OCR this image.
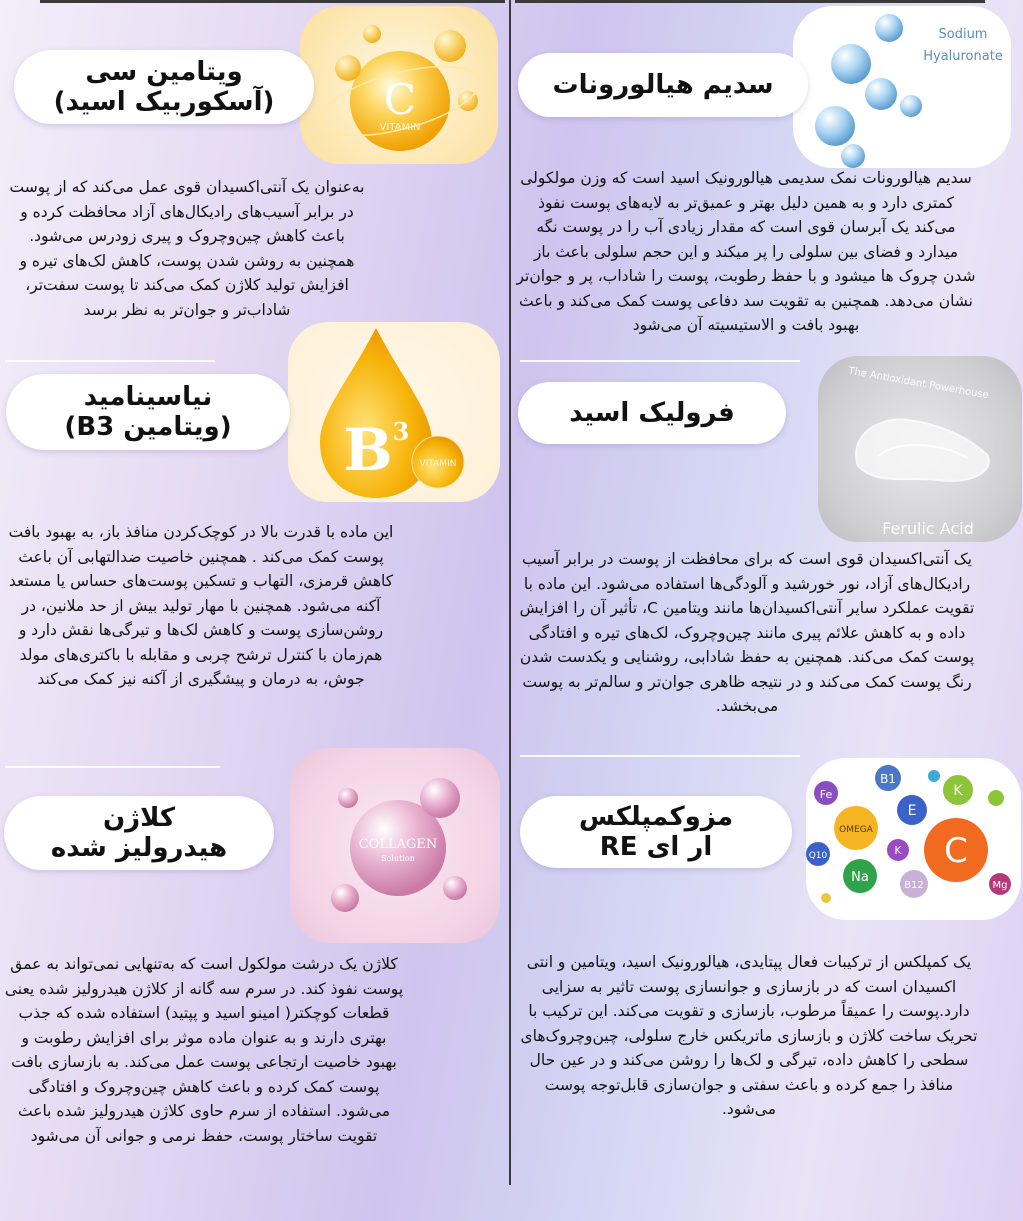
C
VITAMIN
ویتامین سی
(آسکوربیک اسید)
به‌عنوان یک آنتی‌اکسیدان قوی عمل می‌کند که از پوست در برابر آسیب‌های رادیکال‌های آزاد محافظت کرده و باعث کاهش چین‌وچروک و پیری زودرس می‌شود. همچنین به روشن شدن پوست، کاهش لک‌های تیره و افزایش تولید کلاژن کمک می‌کند تا پوست سفت‌تر، شاداب‌تر و جوان‌تر به نظر برسد
B 3
VITAMIN
نیاسینامید
(ویتامین B3)
این ماده با قدرت بالا در کوچک‌کردن منافذ باز، به بهبود بافت پوست کمک می‌کند . همچنین خاصیت ضدالتهابی آن باعث کاهش قرمزی، التهاب و تسکین پوست‌های حساس یا مستعد آکنه می‌شود. همچنین با مهار تولید بیش از حد ملانین، در روشن‌سازی پوست و کاهش لک‌ها و تیرگی‌ها نقش دارد و هم‌زمان با کنترل ترشح چربی و مقابله با باکتری‌های مولد جوش، به درمان و پیشگیری از آکنه نیز کمک می‌کند
COLLAGEN
Solution
کلاژن
هیدرولیز شده
کلاژن یک درشت مولکول است که به‌تنهایی نمی‌تواند به عمق پوست نفوذ کند. در سرم سه گانه از کلاژن هیدرولیز شده یعنی قطعات کوچکتر( امینو اسید و پپتید) استفاده شده که جذب بهتری دارند و به عنوان ماده موثر برای افزایش رطوبت و بهبود خاصیت ارتجاعی پوست عمل می‌کند. به بازسازی بافت پوست کمک کرده و باعث کاهش چین‌وچروک و افتادگی می‌شود. استفاده از سرم حاوی کلاژن هیدرولیز شده باعث تقویت ساختار پوست، حفظ نرمی و جوانی آن می‌شود
Sodium
Hyaluronate
سدیم هیالورونات
سدیم هیالورونات نمک سدیمی هیالورونیک اسید است که وزن مولکولی کمتری دارد و به همین دلیل بهتر و عمیق‌تر به لایه‌های پوست نفوذ می‌کند یک آبرسان قوی است که مقدار زیادی آب را در پوست نگه میدارد و فضای بین سلولی را پر میکند و این حجم سلولی باعث باز شدن چروک ها میشود و با حفظ رطوبت، پوست را شاداب، پر و جوان‌تر نشان می‌دهد. همچنین به تقویت سد دفاعی پوست کمک می‌کند و باعث بهبود بافت و الاستیسیته آن می‌شود
The Antioxidant Powerhouse
Ferulic Acid
فرولیک اسید
یک آنتی‌اکسیدان قوی است که برای محافظت از پوست در برابر آسیب رادیکال‌های آزاد، نور خورشید و آلودگی‌ها استفاده می‌شود. این ماده با تقویت عملکرد سایر آنتی‌اکسیدان‌ها مانند ویتامین C، تأثیر آن را افزایش داده و به کاهش علائم پیری مانند چین‌وچروک، لک‌های تیره و افتادگی پوست کمک می‌کند. همچنین به حفظ شادابی، روشنایی و یکدست شدن رنگ پوست کمک می‌کند و در نتیجه ظاهری جوان‌تر و سالم‌تر به پوست می‌بخشد.
B1
K
Fe
OMEGA
E
C
Q10	K
Na
B12	Mg
مزوکمپلکس
ار ای RE
یک کمپلکس از ترکیبات فعال پپتایدی، هیالورونیک اسید، ویتامین و انتی اکسیدان است که در بازسازی و جوانسازی پوست تاثیر به سزایی دارد.پوست را عمیقاً مرطوب، بازسازی و تقویت می‌کند. این ترکیب با تحریک ساخت کلاژن و بازسازی ماتریکس خارج سلولی، چین‌وچروک‌های سطحی را کاهش داده، تیرگی و لک‌ها را روشن می‌کند و در عین حال منافذ را جمع کرده و باعث سفتی و جوان‌سازی قابل‌توجه پوست می‌شود.
